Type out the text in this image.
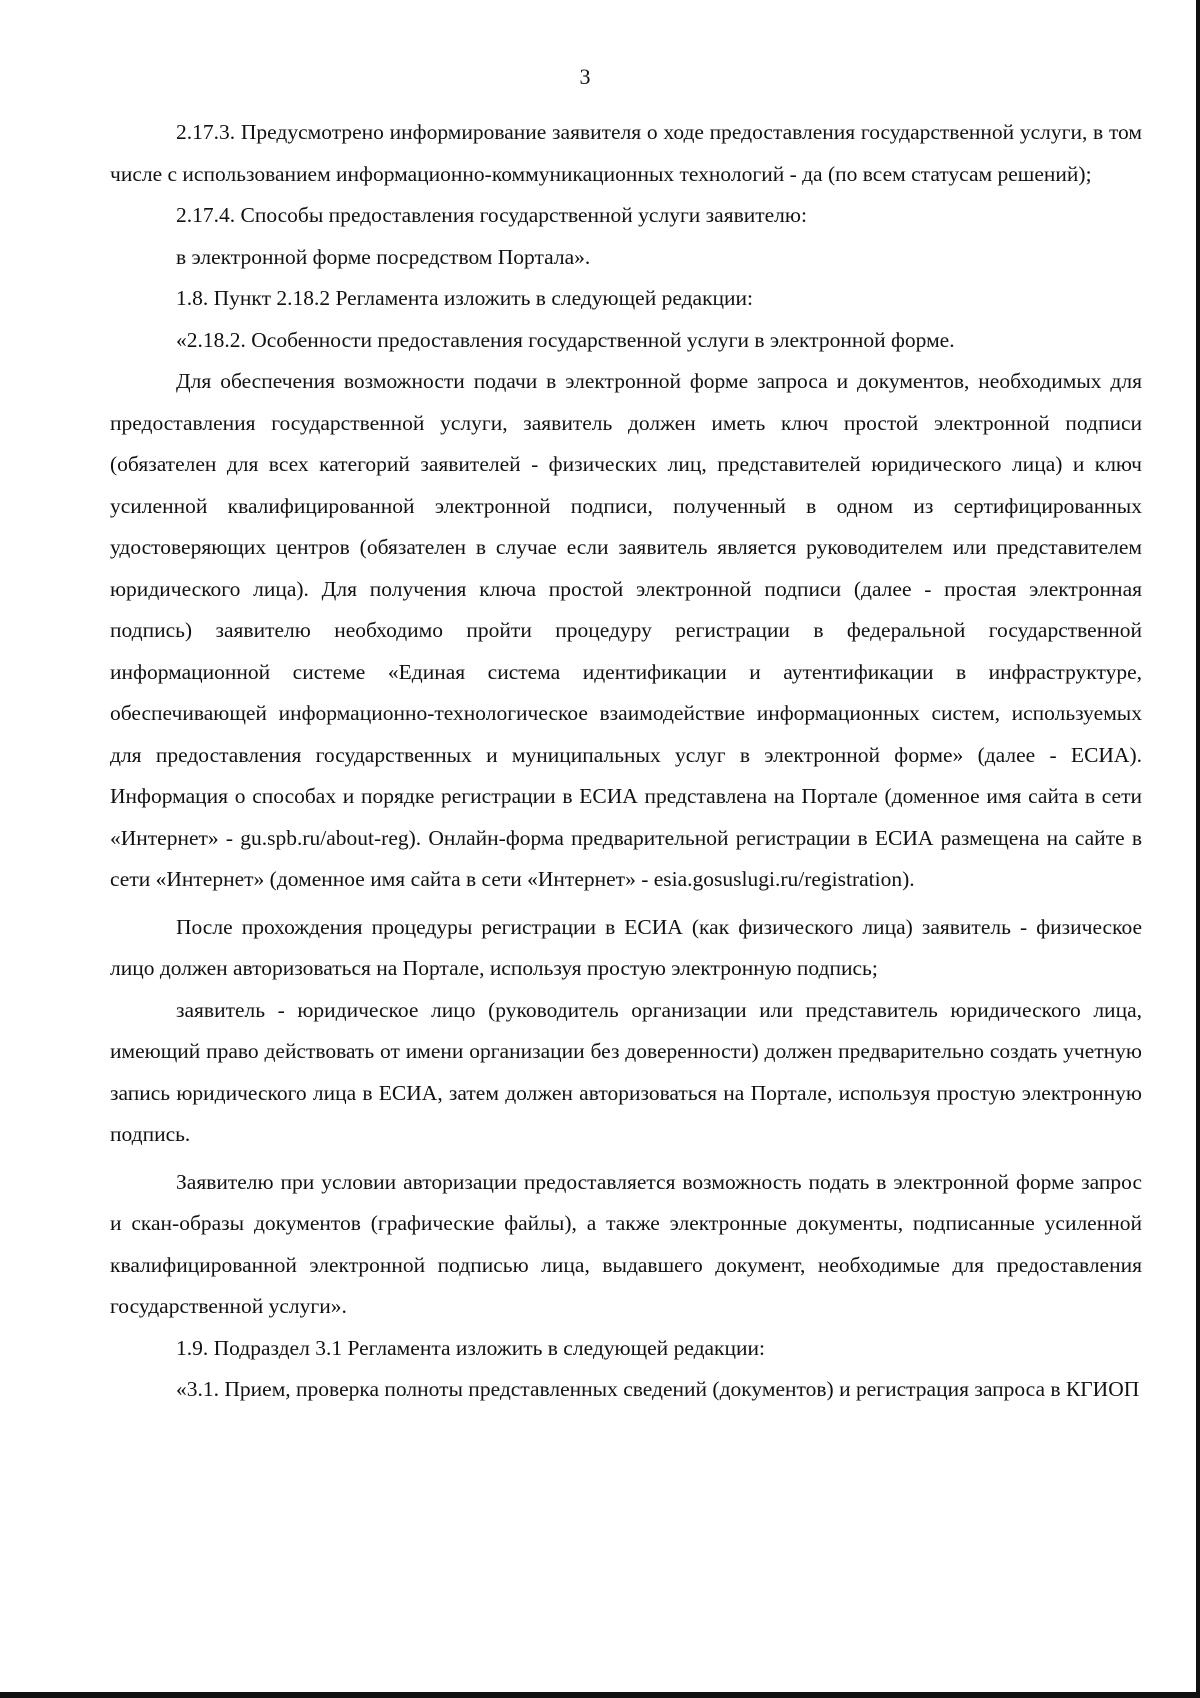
3

2.17.3. Предусмотрено информирование заявителя о ходе предоставления государственной услуги, в том числе с использованием информационно-коммуникационных технологий - да (по всем статусам решений);

2.17.4. Способы предоставления государственной услуги заявителю:

в электронной форме посредством Портала».

1.8. Пункт 2.18.2 Регламента изложить в следующей редакции:

«2.18.2. Особенности предоставления государственной услуги в электронной форме.

Для обеспечения возможности подачи в электронной форме запроса и документов, необходимых для предоставления государственной услуги, заявитель должен иметь ключ простой электронной подписи (обязателен для всех категорий заявителей - физических лиц, представителей юридического лица) и ключ усиленной квалифицированной электронной подписи, полученный в одном из сертифицированных удостоверяющих центров (обязателен в случае если заявитель является руководителем или представителем юридического лица). Для получения ключа простой электронной подписи (далее - простая электронная подпись) заявителю необходимо пройти процедуру регистрации в федеральной государственной информационной системе «Единая система идентификации и аутентификации в инфраструктуре, обеспечивающей информационно-технологическое взаимодействие информационных систем, используемых для предоставления государственных и муниципальных услуг в электронной форме» (далее - ЕСИА). Информация о способах и порядке регистрации в ЕСИА представлена на Портале (доменное имя сайта в сети «Интернет» - gu.spb.ru/about-reg). Онлайн-форма предварительной регистрации в ЕСИА размещена на сайте в сети «Интернет» (доменное имя сайта в сети «Интернет» - esia.gosuslugi.ru/registration).

После прохождения процедуры регистрации в ЕСИА (как физического лица) заявитель - физическое лицо должен авторизоваться на Портале, используя простую электронную подпись;

заявитель - юридическое лицо (руководитель организации или представитель юридического лица, имеющий право действовать от имени организации без доверенности) должен предварительно создать учетную запись юридического лица в ЕСИА, затем должен авторизоваться на Портале, используя простую электронную подпись.

Заявителю при условии авторизации предоставляется возможность подать в электронной форме запрос и скан-образы документов (графические файлы), а также электронные документы, подписанные усиленной квалифицированной электронной подписью лица, выдавшего документ, необходимые для предоставления государственной услуги».

1.9. Подраздел 3.1 Регламента изложить в следующей редакции:

«3.1. Прием, проверка полноты представленных сведений (документов) и регистрация запроса в КГИОП
